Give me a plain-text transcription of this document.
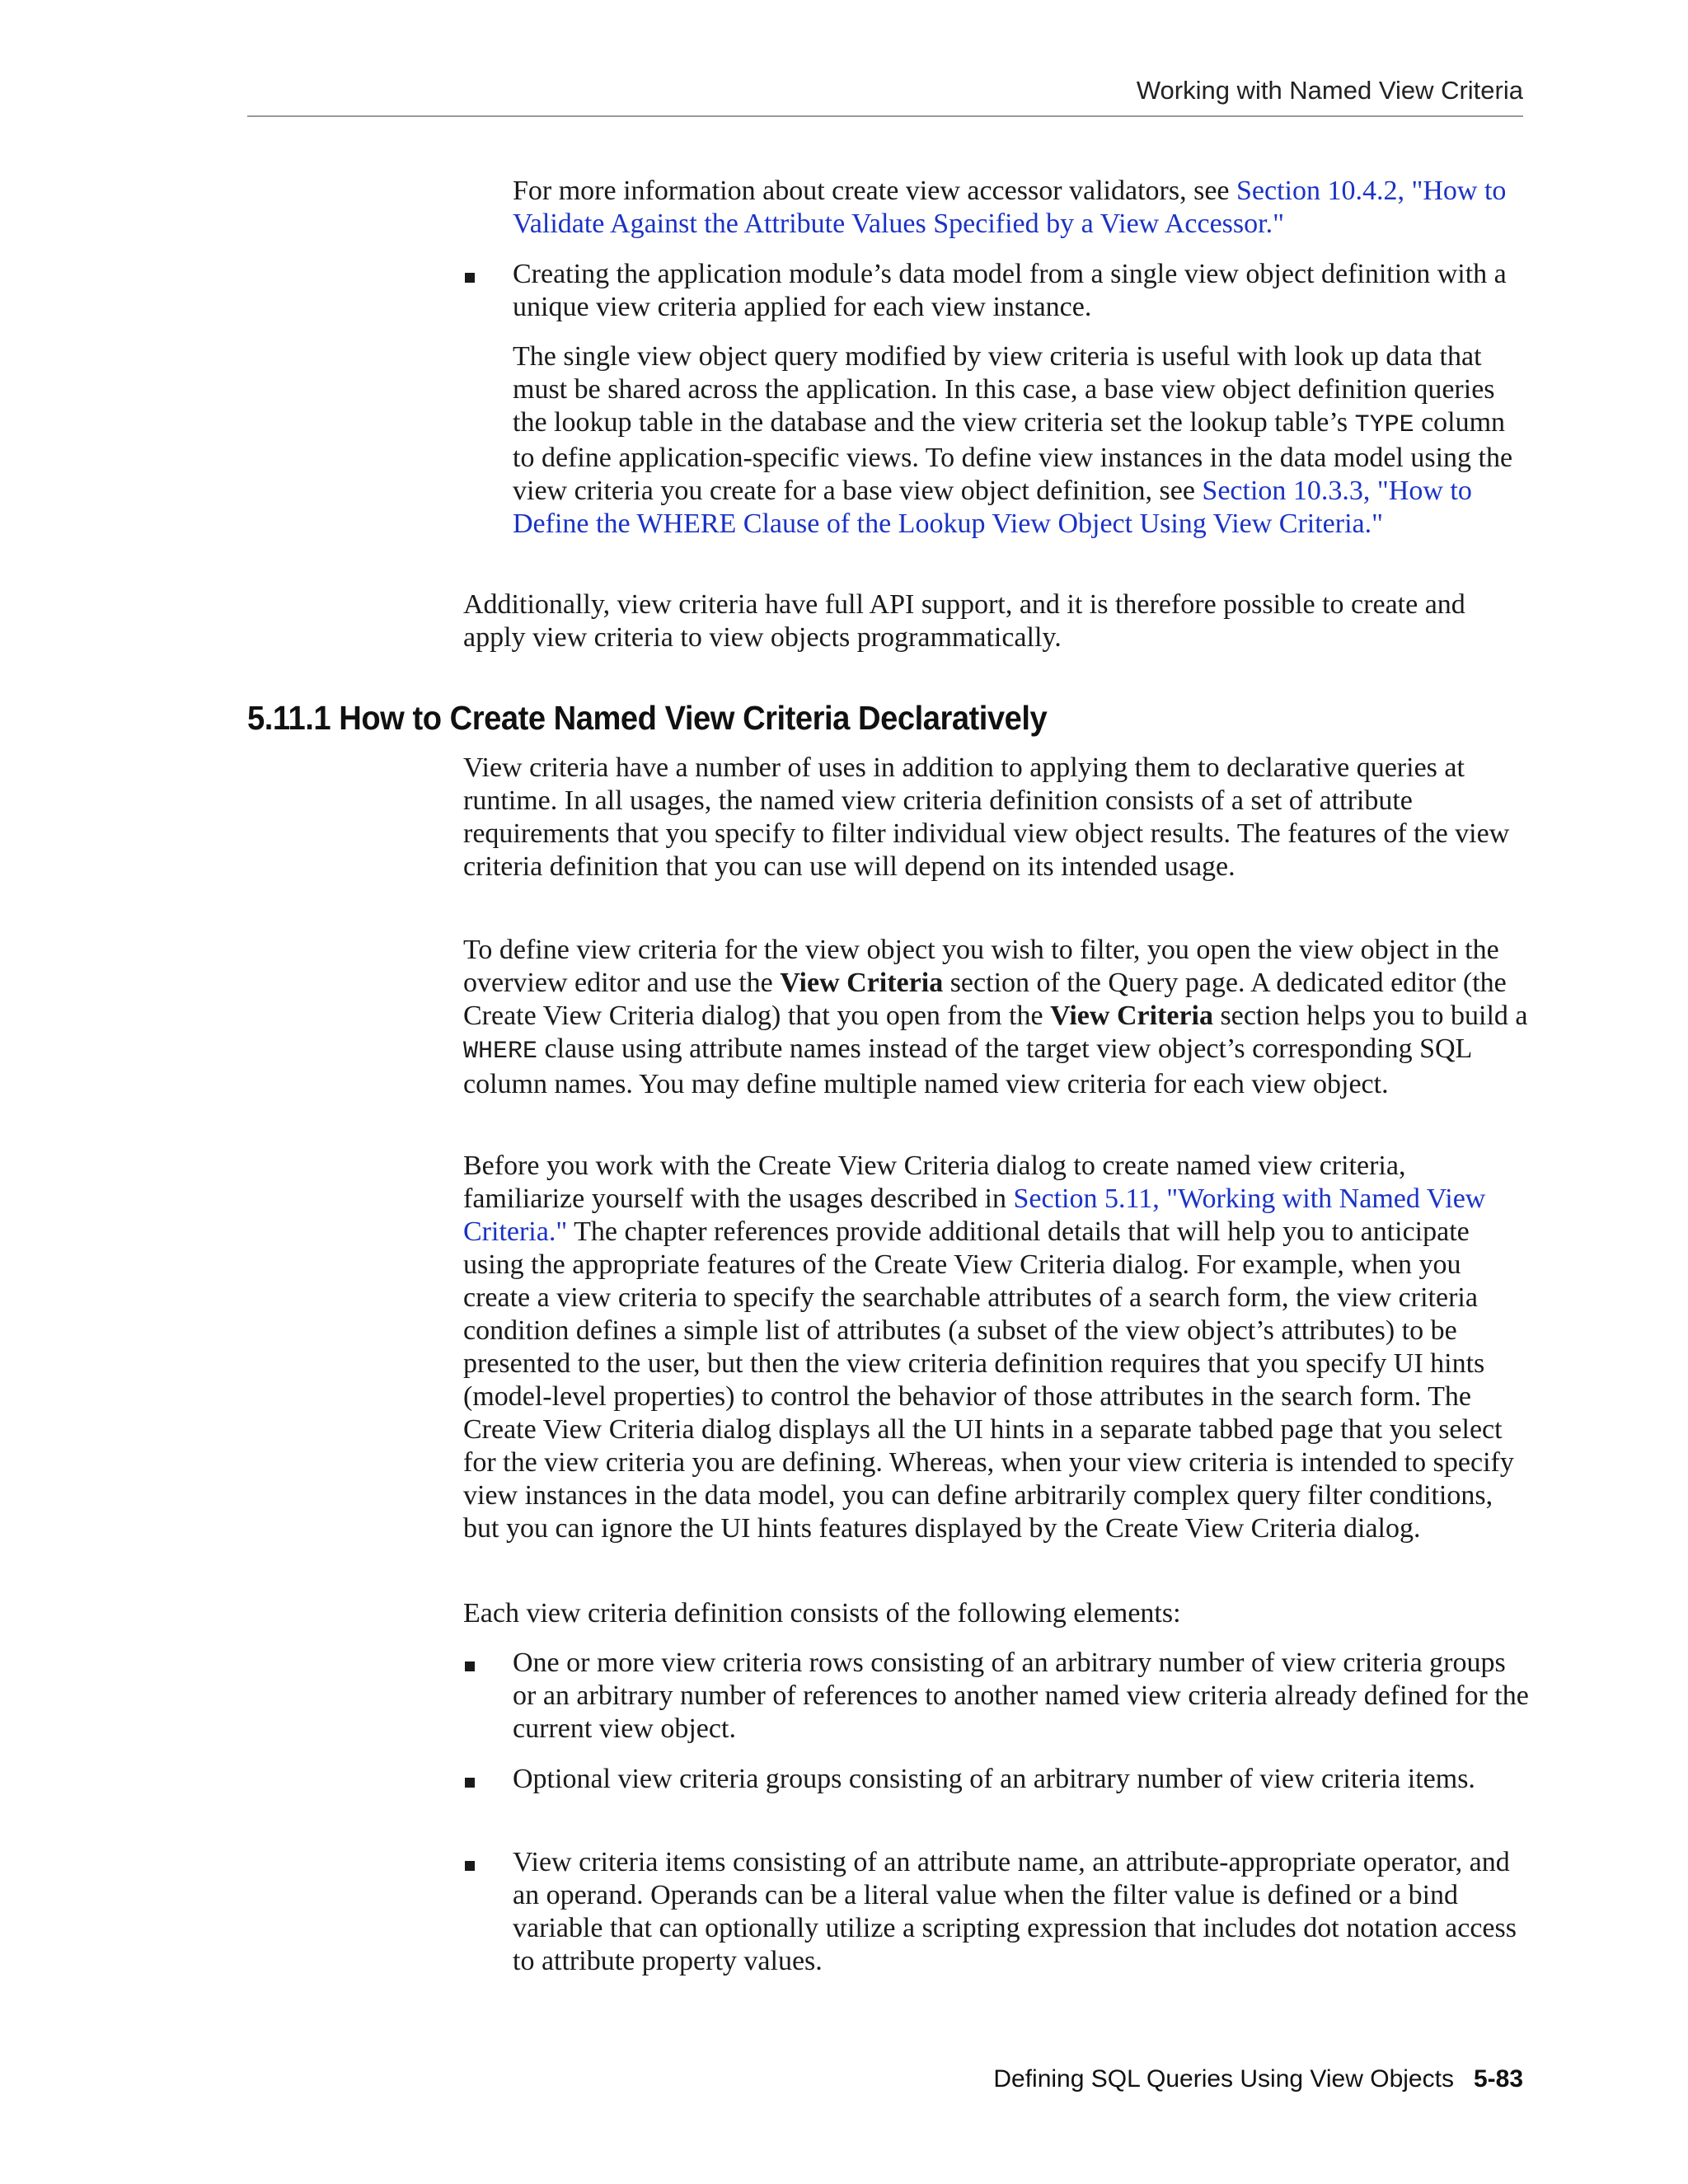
Working with Named View Criteria

For more information about create view accessor validators, see Section 10.4.2, "How to Validate Against the Attribute Values Specified by a View Accessor."

Creating the application module’s data model from a single view object definition with a unique view criteria applied for each view instance.

The single view object query modified by view criteria is useful with look up data that must be shared across the application. In this case, a base view object definition queries the lookup table in the database and the view criteria set the lookup table’s TYPE column to define application-specific views. To define view instances in the data model using the view criteria you create for a base view object definition, see Section 10.3.3, "How to Define the WHERE Clause of the Lookup View Object Using View Criteria."

Additionally, view criteria have full API support, and it is therefore possible to create and apply view criteria to view objects programmatically.
5.11.1 How to Create Named View Criteria Declaratively
View criteria have a number of uses in addition to applying them to declarative queries at runtime. In all usages, the named view criteria definition consists of a set of attribute requirements that you specify to filter individual view object results. The features of the view criteria definition that you can use will depend on its intended usage.

To define view criteria for the view object you wish to filter, you open the view object in the overview editor and use the View Criteria section of the Query page. A dedicated editor (the Create View Criteria dialog) that you open from the View Criteria section helps you to build a WHERE clause using attribute names instead of the target view object’s corresponding SQL column names. You may define multiple named view criteria for each view object.

Before you work with the Create View Criteria dialog to create named view criteria, familiarize yourself with the usages described in Section 5.11, "Working with Named View Criteria." The chapter references provide additional details that will help you to anticipate using the appropriate features of the Create View Criteria dialog. For example, when you create a view criteria to specify the searchable attributes of a search form, the view criteria condition defines a simple list of attributes (a subset of the view object’s attributes) to be presented to the user, but then the view criteria definition requires that you specify UI hints (model-level properties) to control the behavior of those attributes in the search form. The Create View Criteria dialog displays all the UI hints in a separate tabbed page that you select for the view criteria you are defining. Whereas, when your view criteria is intended to specify view instances in the data model, you can define arbitrarily complex query filter conditions, but you can ignore the UI hints features displayed by the Create View Criteria dialog.

Each view criteria definition consists of the following elements:
One or more view criteria rows consisting of an arbitrary number of view criteria groups or an arbitrary number of references to another named view criteria already defined for the current view object.
Optional view criteria groups consisting of an arbitrary number of view criteria items.
View criteria items consisting of an attribute name, an attribute-appropriate operator, and an operand. Operands can be a literal value when the filter value is defined or a bind variable that can optionally utilize a scripting expression that includes dot notation access to attribute property values.
Defining SQL Queries Using View Objects 5-83
